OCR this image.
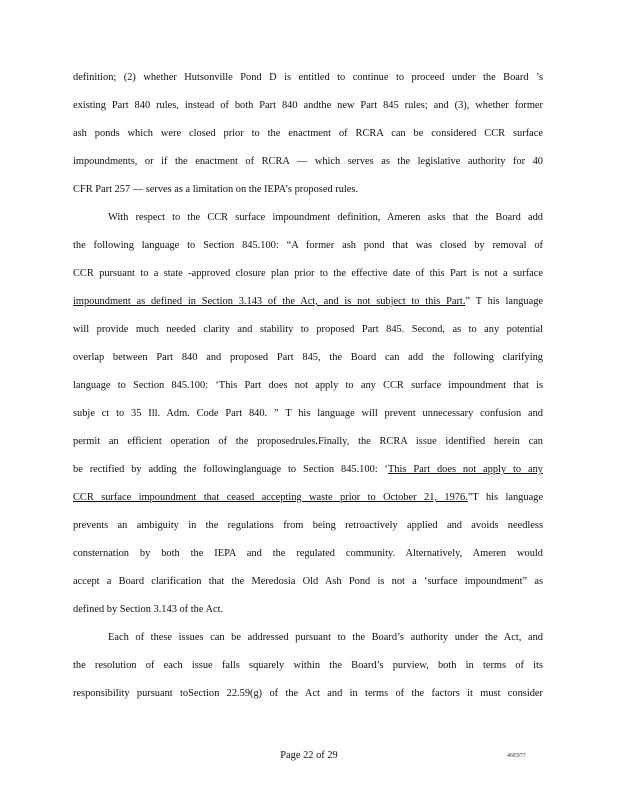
definition; (2) whether Hutsonville Pond D is entitled to continue to proceed under the Board ’s
existing Part 840 rules, instead of both Part 840 andthe new Part 845 rules; and (3), whether former
ash ponds which were closed prior to the enactment of RCRA can be considered CCR surface
impoundments, or if the enactment of RCRA — which serves as the legislative authority for 40
CFR Part 257 — serves as a limitation on the IEPA’s proposed rules.
With respect to the CCR surface impoundment definition, Ameren asks that the Board add
the following language to Section 845.100: “A former ash pond that was closed by removal of
CCR pursuant to a state -approved closure plan prior to the effective date of this Part is not a surface
impoundment as defined in Section 3.143 of the Act, and is not subject to this Part.” T his language
will provide much needed clarity and stability to proposed Part 845. Second, as to any potential
overlap between Part 840 and proposed Part 845, the Board can add the following clarifying
language to Section 845.100: ‘This Part does not apply to any CCR surface impoundment that is
subje ct to 35 Ill. Adm. Code Part 840. ” T his language will prevent unnecessary confusion and
permit an efficient operation of the proposedrules.Finally, the RCRA issue identified herein can
be rectified by adding the followinglanguage to Section 845.100: ‘This Part does not apply to any
CCR surface impoundment that ceased accepting waste prior to October 21, 1976.”T his language
prevents an ambiguity in the regulations from being retroactively applied and avoids needless
consternation by both the IEPA and the regulated community. Alternatively, Ameren would
accept a Board clarification that the Meredosia Old Ash Pond is not a ‘surface impoundment” as
defined by Section 3.143 of the Act.
Each of these issues can be addressed pursuant to the Board’s authority under the Act, and
the resolution of each issue falls squarely within the Board’s purview, both in terms of its
responsibility pursuant toSection 22.59(g) of the Act and in terms of the factors it must consider
Page 22 of 29	46E977
